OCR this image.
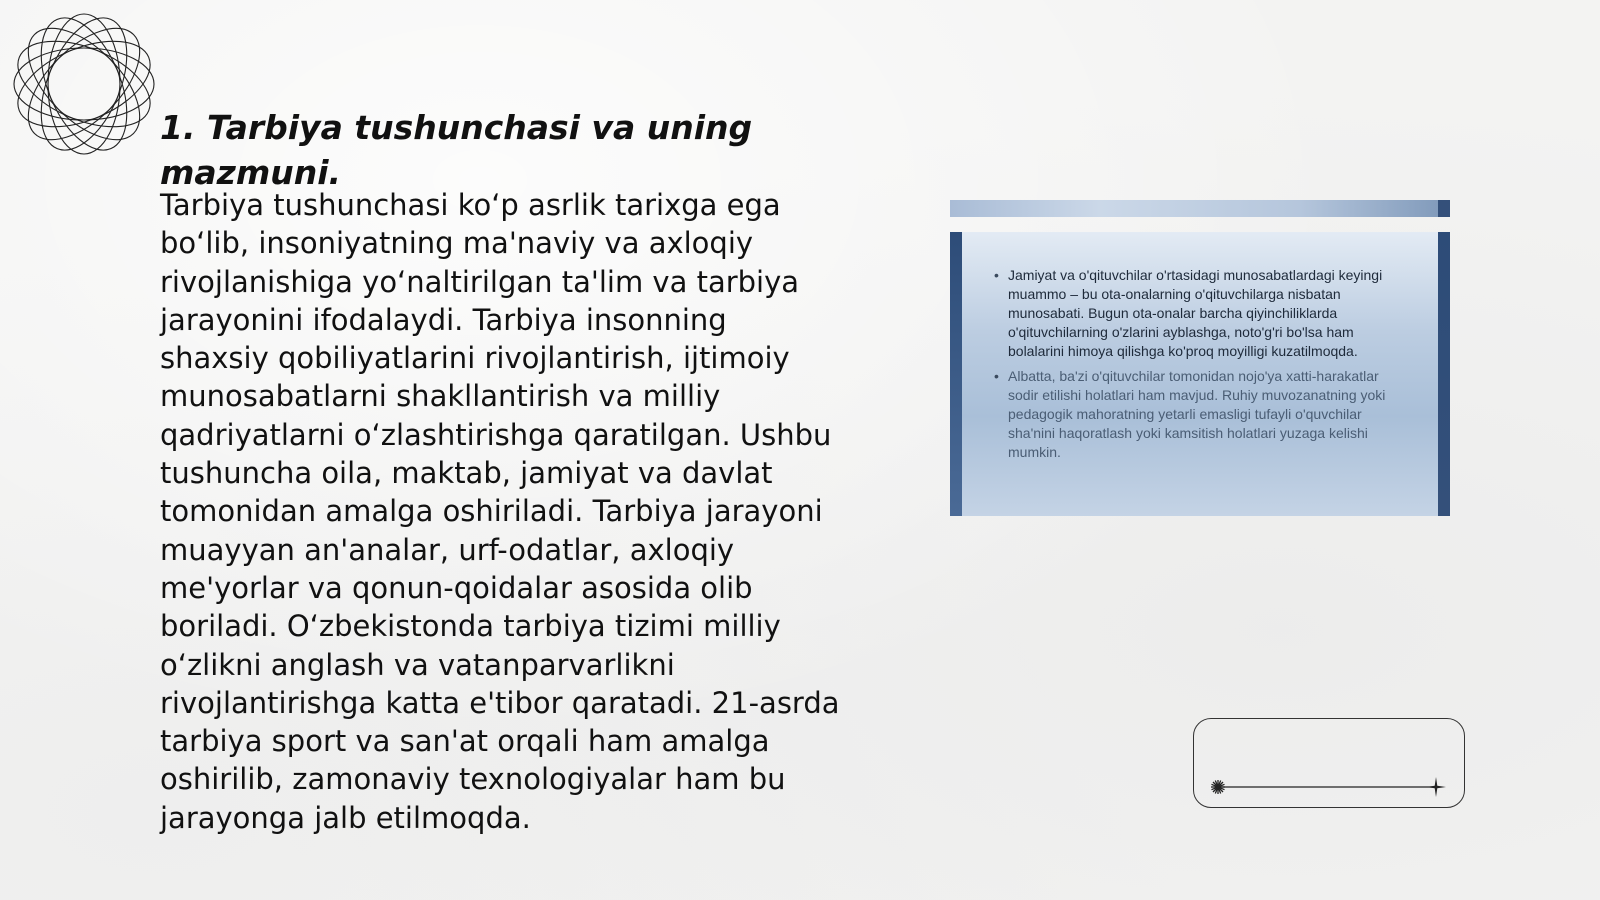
1. Tarbiya tushunchasi va uning mazmuni.

Tarbiya tushunchasi ko‘p asrlik tarixga ega bo‘lib, insoniyatning ma'naviy va axloqiy rivojlanishiga yo‘naltirilgan ta'lim va tarbiya jarayonini ifodalaydi. Tarbiya insonning shaxsiy qobiliyatlarini rivojlantirish, ijtimoiy munosabatlarni shakllantirish va milliy qadriyatlarni o‘zlashtirishga qaratilgan. Ushbu tushuncha oila, maktab, jamiyat va davlat tomonidan amalga oshiriladi. Tarbiya jarayoni muayyan an'analar, urf-odatlar, axloqiy me'yorlar va qonun-qoidalar asosida olib boriladi. O‘zbekistonda tarbiya tizimi milliy o‘zlikni anglash va vatanparvarlikni rivojlantirishga katta e'tibor qaratadi. 21-asrda tarbiya sport va san'at orqali ham amalga oshirilib, zamonaviy texnologiyalar ham bu jarayonga jalb etilmoqda.

• Jamiyat va o'qituvchilar o'rtasidagi munosabatlardagi keyingi muammo – bu ota-onalarning o'qituvchilarga nisbatan munosabati. Bugun ota-onalar barcha qiyinchiliklarda o'qituvchilarning o'zlarini ayblashga, noto'g'ri bo'lsa ham bolalarini himoya qilishga ko'proq moyilligi kuzatilmoqda.
• Albatta, ba'zi o'qituvchilar tomonidan nojo'ya xatti-harakatlar sodir etilishi holatlari ham mavjud. Ruhiy muvozanatning yoki pedagogik mahoratning yetarli emasligi tufayli o'quvchilar sha'nini haqoratlash yoki kamsitish holatlari yuzaga kelishi mumkin.
